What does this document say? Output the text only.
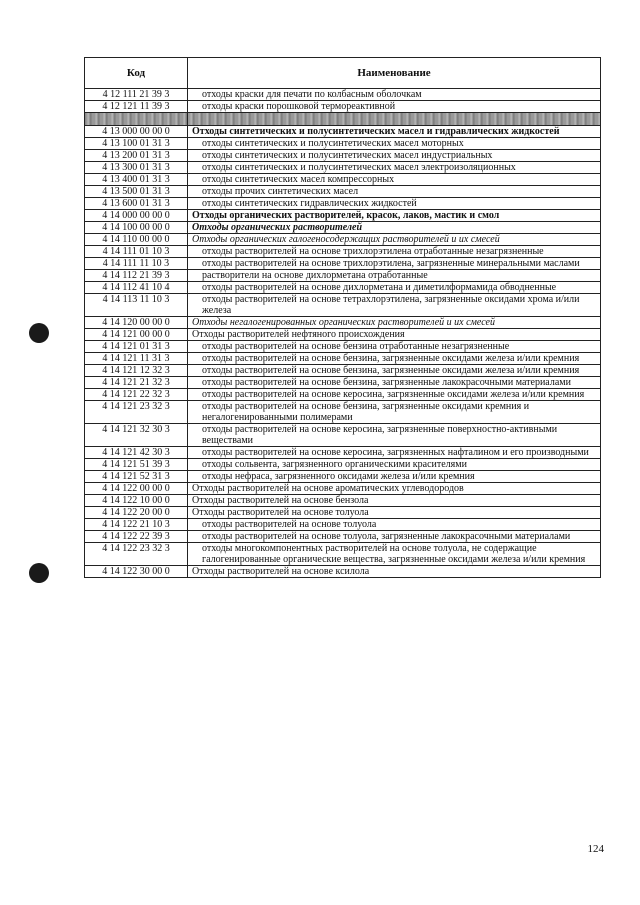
Код	Наименование
4 12 111 21 39 3	отходы краски для печати по колбасным оболочкам
4 12 121 11 39 3	отходы краски порошковой термореактивной

4 13 000 00 00 0	Отходы синтетических и полусинтетических масел и гидравлических жидкостей
4 13 100 01 31 3	отходы синтетических и полусинтетических масел моторных
4 13 200 01 31 3	отходы синтетических и полусинтетических масел индустриальных
4 13 300 01 31 3	отходы синтетических и полусинтетических масел электроизоляционных
4 13 400 01 31 3	отходы синтетических масел компрессорных
4 13 500 01 31 3	отходы прочих синтетических масел
4 13 600 01 31 3	отходы синтетических гидравлических жидкостей
4 14 000 00 00 0	Отходы органических растворителей, красок, лаков, мастик и смол
4 14 100 00 00 0	Отходы органических растворителей
4 14 110 00 00 0	Отходы органических галогеносодержащих растворителей и их смесей
4 14 111 01 10 3	отходы растворителей на основе трихлорэтилена отработанные незагрязненные
4 14 111 11 10 3	отходы растворителей на основе трихлорэтилена, загрязненные минеральными маслами
4 14 112 21 39 3	растворители на основе дихлорметана отработанные
4 14 112 41 10 4	отходы растворителей на основе дихлорметана и диметилформамида обводненные
4 14 113 11 10 3	отходы растворителей на основе тетрахлорэтилена, загрязненные оксидами хрома и/или железа
4 14 120 00 00 0	Отходы негалогенированных органических растворителей и их смесей
4 14 121 00 00 0	Отходы растворителей нефтяного происхождения
4 14 121 01 31 3	отходы растворителей на основе бензина отработанные незагрязненные
4 14 121 11 31 3	отходы растворителей на основе бензина, загрязненные оксидами железа и/или кремния
4 14 121 12 32 3	отходы растворителей на основе бензина, загрязненные оксидами железа и/или кремния
4 14 121 21 32 3	отходы растворителей на основе бензина, загрязненные лакокрасочными материалами
4 14 121 22 32 3	отходы растворителей на основе керосина, загрязненные оксидами железа и/или кремния
4 14 121 23 32 3	отходы растворителей на основе бензина, загрязненные оксидами кремния и негалогенированными полимерами
4 14 121 32 30 3	отходы растворителей на основе керосина, загрязненные поверхностно-активными веществами
4 14 121 42 30 3	отходы растворителей на основе керосина, загрязненных нафталином и его производными
4 14 121 51 39 3	отходы сольвента, загрязненного органическими красителями
4 14 121 52 31 3	отходы нефраса, загрязненного оксидами железа и/или кремния
4 14 122 00 00 0	Отходы растворителей на основе ароматических углеводородов
4 14 122 10 00 0	Отходы растворителей на основе бензола
4 14 122 20 00 0	Отходы растворителей на основе толуола
4 14 122 21 10 3	отходы растворителей на основе толуола
4 14 122 22 39 3	отходы растворителей на основе толуола, загрязненные лакокрасочными материалами
4 14 122 23 32 3	отходы многокомпонентных растворителей на основе толуола, не содержащие галогенированные органические вещества, загрязненные оксидами железа и/или кремния
4 14 122 30 00 0	Отходы растворителей на основе ксилола
124
